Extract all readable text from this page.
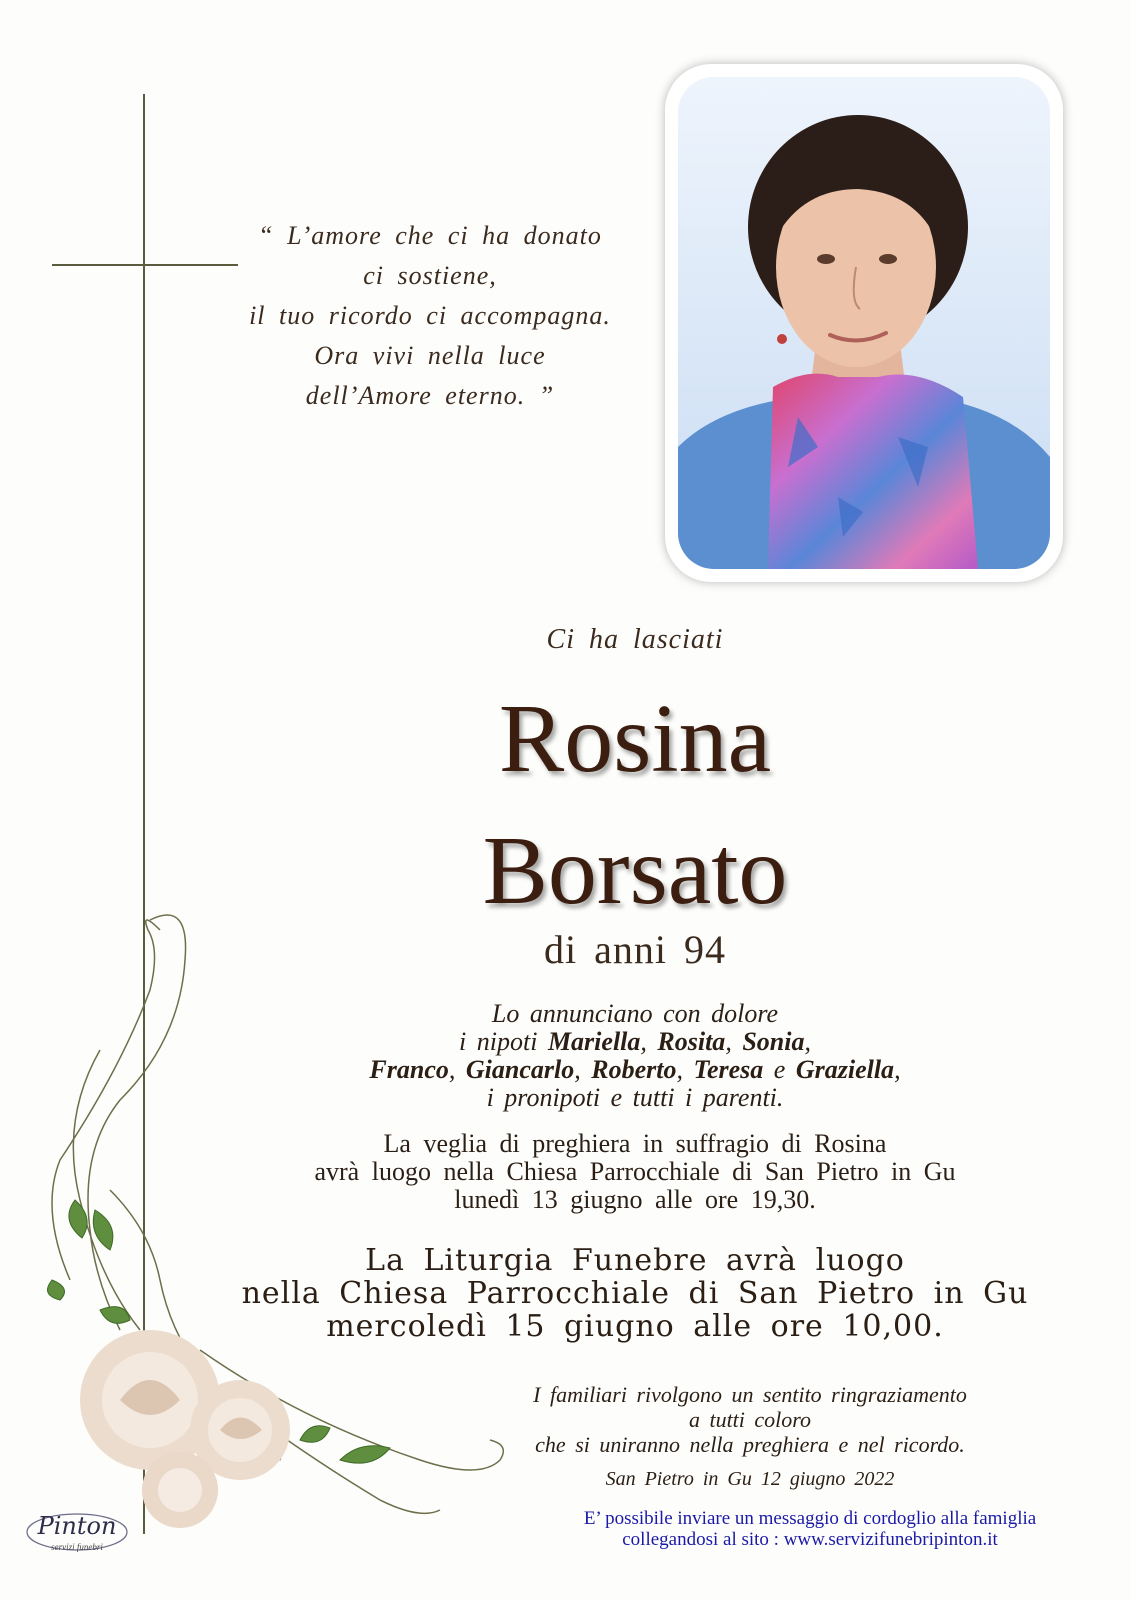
“ L’amore che ci ha donato
ci sostiene,
il tuo ricordo ci accompagna.
Ora vivi nella luce
dell’Amore eterno. ”
Ci ha lasciati
Rosina
Borsato
di anni 94
Lo annunciano con dolore
i nipoti Mariella, Rosita, Sonia,
Franco, Giancarlo, Roberto, Teresa e Graziella,
i pronipoti e tutti i parenti.
La veglia di preghiera in suffragio di Rosina
avrà luogo nella Chiesa Parrocchiale di San Pietro in Gu
lunedì 13 giugno alle ore 19,30.
La Liturgia Funebre avrà luogo
nella Chiesa Parrocchiale di San Pietro in Gu
mercoledì 15 giugno alle ore 10,00.
I familiari rivolgono un sentito ringraziamento
a tutti coloro
che si uniranno nella preghiera e nel ricordo.
San Pietro in Gu 12 giugno 2022
E’ possibile inviare un messaggio di cordoglio alla famiglia
collegandosi al sito : www.servizifunebripinton.it
Pinton
servizi funebri
